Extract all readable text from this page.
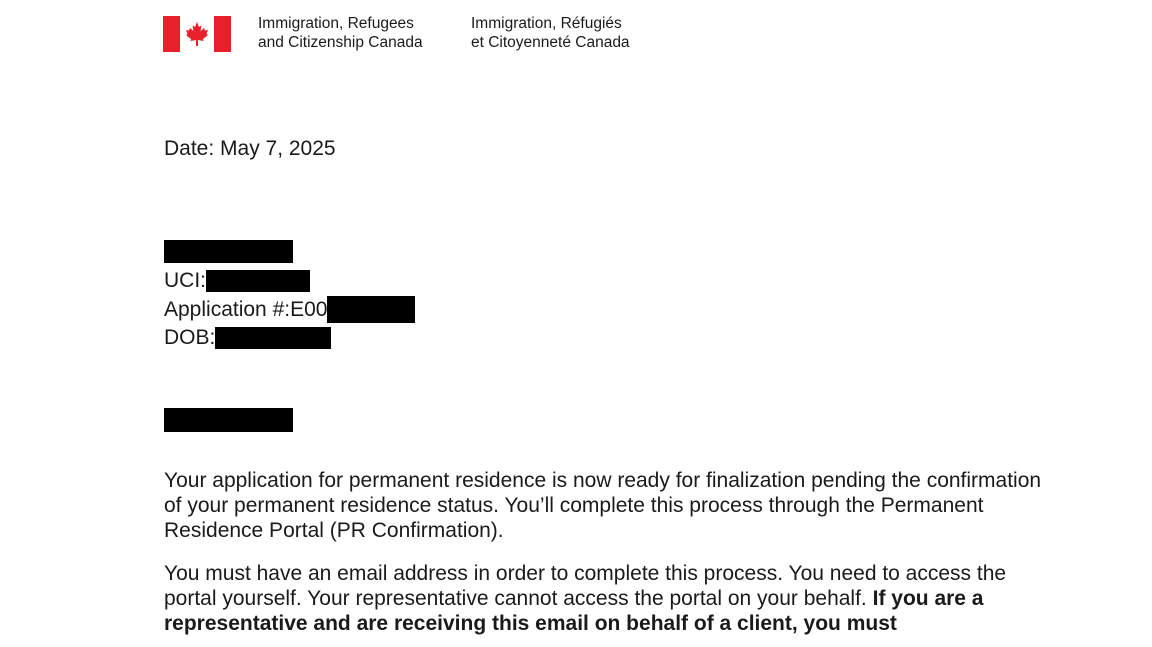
Immigration, Refugees
and Citizenship Canada
Immigration, Réfugiés
et Citoyenneté Canada
Date: May 7, 2025
UCI:
Application #:E00
DOB:
Your application for permanent residence is now ready for finalization pending the confirmation of your permanent residence status. You’ll complete this process through the Permanent Residence Portal (PR Confirmation).
You must have an email address in order to complete this process. You need to access the portal yourself. Your representative cannot access the portal on your behalf. If you are a representative and are receiving this email on behalf of a client, you must
